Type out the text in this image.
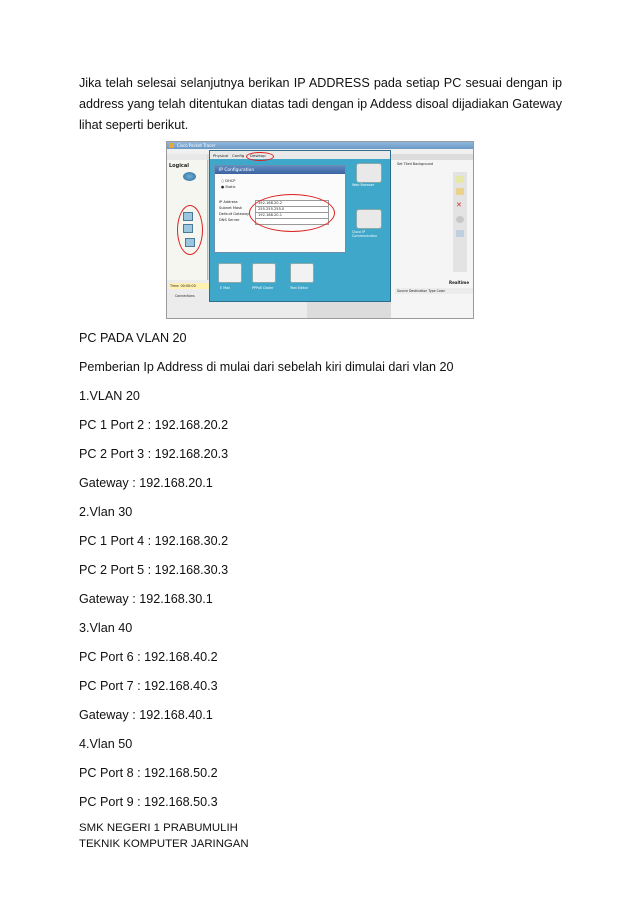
Jika telah selesai selanjutnya berikan IP ADDRESS pada setiap PC sesuai dengan ip address yang telah ditentukan diatas tadi dengan ip Addess disoal dijadiakan Gateway lihat seperti berikut.

Cisco Packet Tracer
Logical
Time: 00:00:00
Connections
Physical Config Desktop
IP Configuration
○ DHCP
● Static
IP Address	192.168.20.2
Subnet Mask	255.255.255.0
Default Gateway	192.168.20.1
DNS Server
Web Browser
Cisco IP Communicator
E Mail	PPPoE Dialer	Text Editor
Set Tiled Background
✕
Realtime
Source Destination Type Color
PC PADA VLAN 20
Pemberian Ip Address di mulai dari sebelah kiri dimulai dari vlan 20
1.VLAN 20
PC 1 Port 2 : 192.168.20.2
PC 2 Port 3 : 192.168.20.3
Gateway : 192.168.20.1
2.Vlan 30
PC 1 Port 4 : 192.168.30.2
PC 2 Port 5 : 192.168.30.3
Gateway : 192.168.30.1
3.Vlan 40
PC Port 6 : 192.168.40.2
PC Port 7 : 192.168.40.3
Gateway : 192.168.40.1
4.Vlan 50
PC Port 8 : 192.168.50.2
PC Port 9 : 192.168.50.3
SMK NEGERI 1 PRABUMULIH
TEKNIK KOMPUTER JARINGAN
